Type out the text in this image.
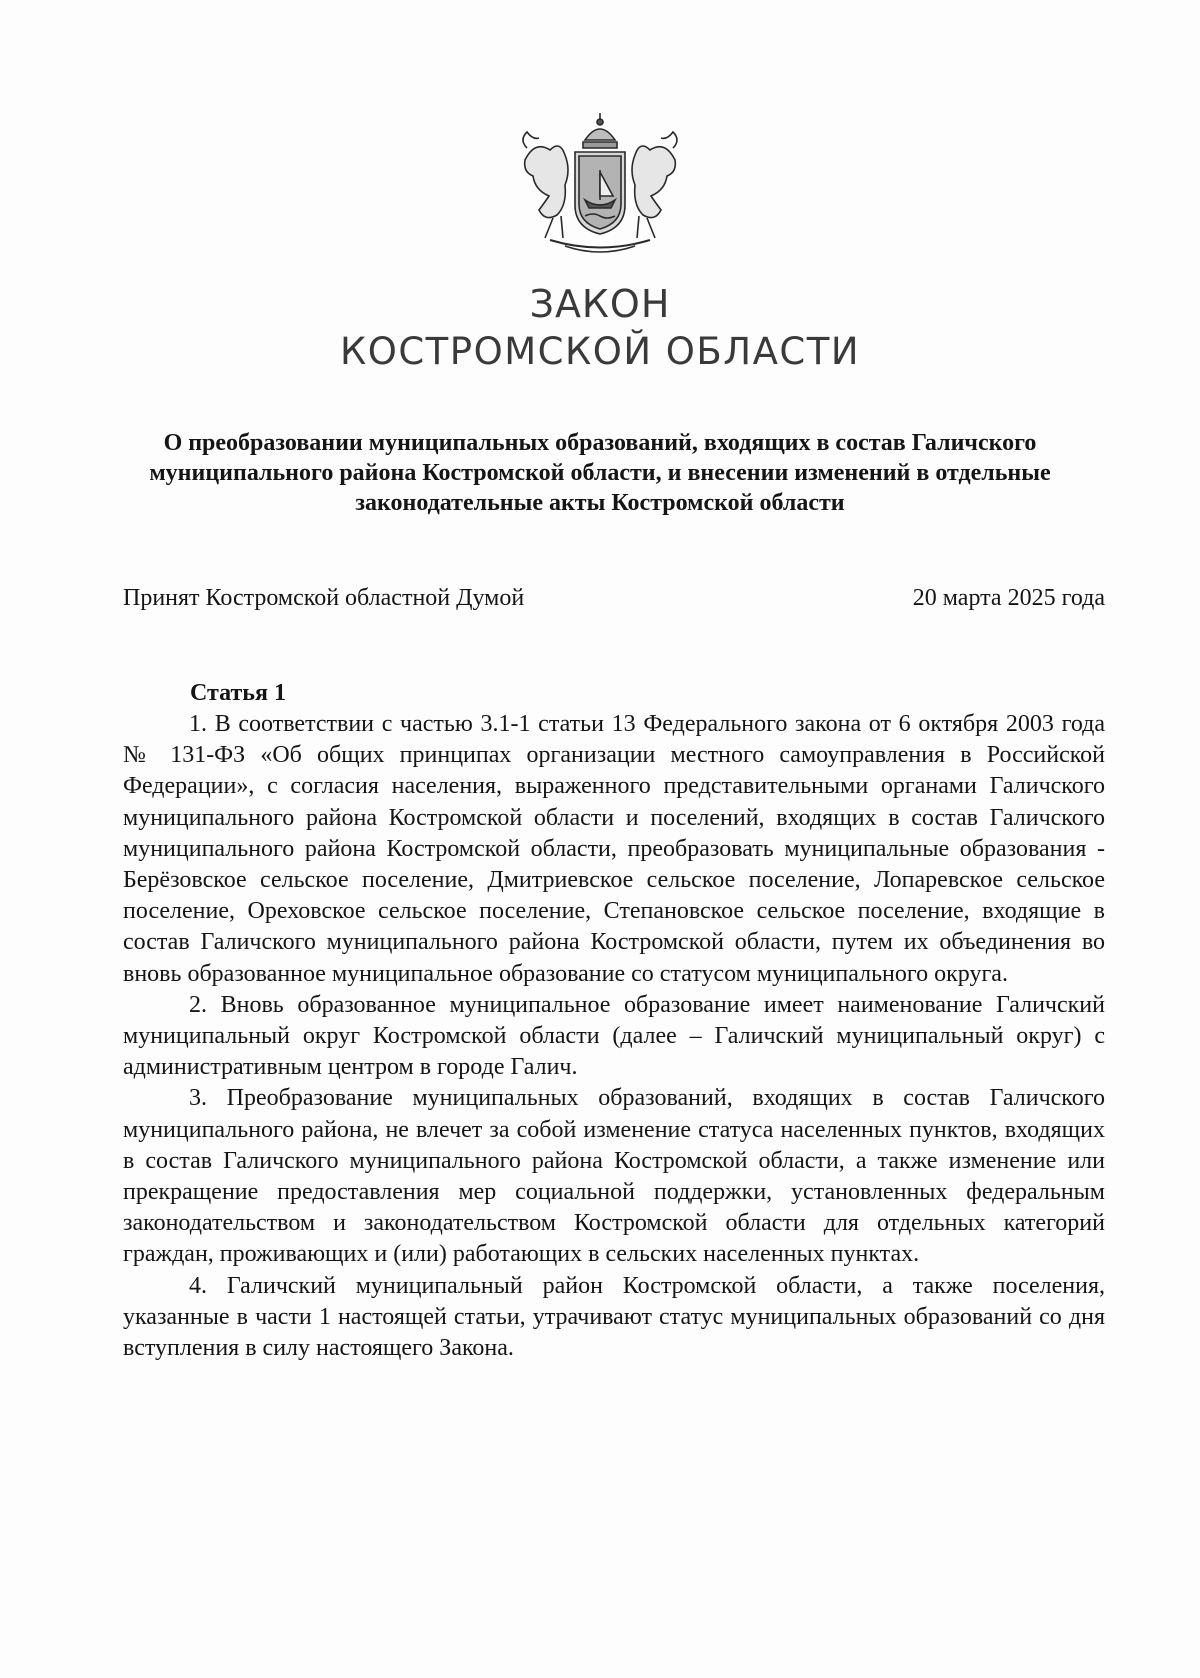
ЗАКОН
КОСТРОМСКОЙ ОБЛАСТИ
О преобразовании муниципальных образований, входящих в состав Галичского муниципального района Костромской области, и внесении изменений в отдельные законодательные акты Костромской области
Принят Костромской областной Думой	20 марта 2025 года
Статья 1

1. В соответствии с частью 3.1-1 статьи 13 Федерального закона от 6 октября 2003 года № 131-ФЗ «Об общих принципах организации местного самоуправления в Российской Федерации», с согласия населения, выраженного представительными органами Галичского муниципального района Костромской области и поселений, входящих в состав Галичского муниципального района Костромской области, преобразовать муниципальные образования - Берёзовское сельское поселение, Дмитриевское сельское поселение, Лопаревское сельское поселение, Ореховское сельское поселение, Степановское сельское поселение, входящие в состав Галичского муниципального района Костромской области, путем их объединения во вновь образованное муниципальное образование со статусом муниципального округа.

2. Вновь образованное муниципальное образование имеет наименование Галичский муниципальный округ Костромской области (далее – Галичский муниципальный округ) с административным центром в городе Галич.

3. Преобразование муниципальных образований, входящих в состав Галичского муниципального района, не влечет за собой изменение статуса населенных пунктов, входящих в состав Галичского муниципального района Костромской области, а также изменение или прекращение предоставления мер социальной поддержки, установленных федеральным законодательством и законодательством Костромской области для отдельных категорий граждан, проживающих и (или) работающих в сельских населенных пунктах.

4. Галичский муниципальный район Костромской области, а также поселения, указанные в части 1 настоящей статьи, утрачивают статус муниципальных образований со дня вступления в силу настоящего Закона.
